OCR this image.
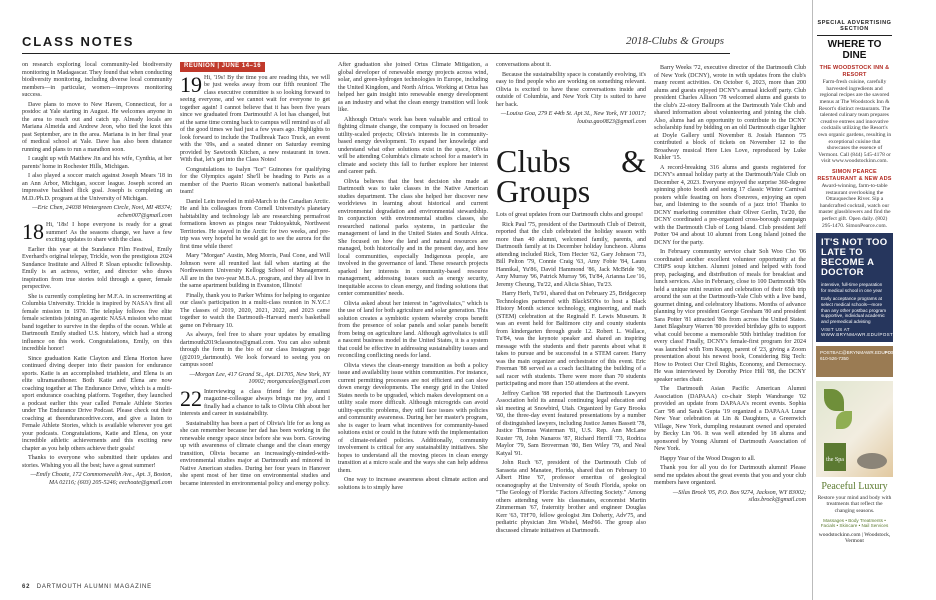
CLASS NOTES	2018-Clubs & Groups

on research exploring local community-led biodiversity monitoring in Madagascar. They found that when conducting biodiversity monitoring, including diverse local community members—in particular, women—improves monitoring success.

Dave plans to move to New Haven, Connecticut, for a postdoc at Yale starting in August. He welcomes anyone in the area to reach out and catch up. Already locals are Mariana Almeida and Andrew Jeon, who tied the knot this past September, are in the area. Mariana is in her final year of medical school at Yale. Dave has also been distance running and plans to run a marathon soon.

I caught up with Matthew Jin and his wife, Cynthia, at her parents' home in Rochester Hills, Michigan.

I also played a soccer match against Joseph Mears '18 in an Ann Arbor, Michigan, soccer league. Joseph scored an impressive backheel flick goal. Joseph is completing an M.D./Ph.D. program at the University of Michigan.

—Eric Chen, 24038 Wintergreen Circle, Novi, MI 48374; echen007@gmail.com

18 Hi, '18s! I hope everyone is ready for a great summer! As the seasons change, we have a few exciting updates to share with the class.

Earlier this year at the Sundance Film Festival, Emily Everhard's original telepay, Trickle, won the prestigious 2024 Sundance Institute and Alfred P. Sloan episodic fellowship. Emily is an actress, writer, and director who draws inspiration from true stories told through a queer, female perspective.

She is currently completing her M.F.A. in screenwriting at Columbia University. Trickle is inspired by NASA's first all female mission in 1970. The teleplay follows five elite female scientists joining an agentic NASA mission who must band together to survive in the depths of the ocean. While at Dartmouth Emily studied U.S. history, which had a strong influence on this work. Congratulations, Emily, on this incredible honor!

Since graduation Katie Clayton and Elena Horton have continued diving deeper into their passion for endurance sports. Katie is an accomplished triathlete, and Elena is an elite ultramarathoner. Both Katie and Elena are now coaching together at The Endurance Drive, which is a multi-sport endurance coaching platform. Together, they launched a podcast earlier this year called Female Athlete Stories under The Endurance Drive Podcast. Please check out their coaching at theendurancedrive.com, and give a listen to Female Athlete Stories, which is available wherever you get your podcasts. Congratulations, Katie and Elena, on your incredible athletic achievements and this exciting new chapter as you help others achieve their goals!

Thanks to everyone who submitted their updates and stories. Wishing you all the best; have a great summer!

—Emily Choate, 172 Commonwealth Ave., Apt. 3, Boston, MA 02116; (603) 205-5246; eechoate@gmail.com

REUNION | JUNE 14–16

19 Hi, '19s! By the time you are reading this, we will be just weeks away from our fifth reunion! The class executive committee is so looking forward to seeing everyone, and we cannot wait for everyone to get together again! I cannot believe that it has been five years since we graduated from Dartmouth! A lot has changed, but at the same time coming back to campus will remind us of all of the good times we had just a few years ago. Highlights to look forward to include the Trailbreak Taco Truck, an event with the '09s, and a seated dinner on Saturday evening provided by Sawtooth Kitchen, a new restaurant in town. With that, let's get into the Class Notes!

Congratulations to Isalyn "Ice" Guinones for qualifying for the Olympics again! She'll be heading to Paris as a member of the Puerto Rican women's national basketball team!

Daniel Lein traveled in mid-March to the Canadian Arctic. He and his colleagues from Cornell University's planetary habitability and technology lab are researching permafrost formations known as pingos near Tuktoyaktuk, Northwest Territories. He stayed in the Arctic for two weeks, and pre-trip was very hopeful he would get to see the aurora for the first time while there!

Mary "Morgan" Austin, Meg Morris, Paul Cone, and Will Johnson were all reunited last fall when starting at the Northwestern University Kellogg School of Management. All are in the two-year M.B.A. program, and they all live in the same apartment building in Evanston, Illinois!

Finally, thank you to Parker Whims for helping to organize our class's participation in a multi-class reunion in N.Y.C.! The classes of 2019, 2020, 2021, 2022, and 2023 came together to watch the Dartmouth–Harvard men's basketball game on February 10.

As always, feel free to share your updates by emailing dartmouth2019classnotes@gmail.com. You can also submit through the form in the bio of our class Instagram page (@2019_dartmouth). We look forward to seeing you on campus soon!

—Morgan Lee, 417 Grand St., Apt. D1705, New York, NY 10002; morgancalee@gmail.com

22 Interviewing a class friend for the alumni magazine-colleague always brings me joy, and I finally had a chance to talk to Olivia Ohh about her interests and career in sustainability.

Sustainability has been a part of Olivia's life for as long as she can remember because her dad has been working in the renewable energy space since before she was born. Growing up with awareness of climate change and the clean energy transition, Olivia became an increasingly-minded-with-environmental studies major at Dartmouth and minored in Native American studies. During her four years in Hanover she spent most of her time on environmental studies and became interested in environmental policy and energy policy.

After graduation she joined Ortus Climate Mitigation, a global developer of renewable energy projects across wind, solar, and green-hydrogen technologies in Europe, including the United Kingdom, and North Africa. Working at Ortus has helped her gain insight into renewable energy development as an industry and what the clean energy transition will look like.

Although Ortus's work has been valuable and critical to fighting climate change, the company is focused on broader utility-scaled projects; Olivia's interests lie in community-based energy development. To expand her knowledge and understand what other solutions exist in the space, Olivia will be attending Columbia's climate school for a master's in climate and society this fall to further explore her interest and career path.

Olivia believes that the best decision she made at Dartmouth was to take classes in the Native American studies department. The class she helped her discover new worldviews in learning about historical and current environmental degradation and environmental stewardship. In conjunction with environmental studies classes, she researched national parks systems, in particular the management of land in the United States and South Africa. She focused on how the land and natural resources are managed, both historically and in the present day, and how local communities, especially Indigenous people, are involved in the governance of land. These research projects sparked her interests in community-based resource management, addressing issues such as energy security, inequitable access to clean energy, and finding solutions that center communities' needs.

Olivia asked about her interest in "agrivoltaics," which is the use of land for both agriculture and solar generation. This solution creates a symbiotic system whereby crops benefit from the presence of solar panels and solar panels benefit from being on agriculture land. Although agrivoltaics is still a nascent business model in the United States, it is a system that could be effective in addressing sustainability issues and reconciling conflicting needs for land.

Olivia views the clean-energy transition as both a policy issue and availability issue within communities. For instance, current permitting processes are not efficient and can slow down energy developments. The energy grid in the United States needs to be upgraded, which makes development on a utility scale more difficult. Although microgrids can avoid utility-specific problems, they still face issues with policies and community awareness. During her her master's program, she is eager to learn what incentives for community-based solutions exist or could in the future with the implementation of climate-related policies. Additionally, community involvement is critical for any sustainability initiatives. She hopes to understand all the moving pieces in clean energy transition at a micro scale and the ways she can help address them.

One way to increase awareness about climate action and solutions is to simply have

conversations about it.

Because the sustainability space is constantly evolving, it's easy to find people who are working on something relevant. Olivia is excited to have these conversations inside and outside of Columbia, and New York City is suited to have her back.

—Louisa Goa, 279 E 44th St. Apt 3L, New York, NY 10017; louisa.gao0823@gmail.com

Clubs & Groups

Lots of great updates from our Dartmouth clubs and groups!

Rick Paul '75, president of the Dartmouth Club of Detroit, reported that the club celebrated the holiday season with more than 40 alumni, welcomed family, parents, and Dartmouth family at its December holiday luncheon. Alums attending included Rick, Tom Hecter '62, Gary Johnson '73, Bill Pelton '79, Connie Craig '63, Amy Fobie '84, Laura Hannikal, Yu'86, David Hammond '86, Jack McBride '90, Amy Murray '96, Patrick Murray '96, Tu'84, Arianna Lee '16, Jeremy Cheung, Tu'22, and Alicia Shiao, Tu'23.

Harry Herb, Tu'91, shared that on February 25, Bridgecorp Technologies partnered with BlackSONs to host a Black History Month science technology, engineering, and math (STEM) celebration at the Reginald F. Lewis Museum. It was an event held for Baltimore city and county students from kindergarten through grade 12. Robert L. Wallace, Tu'84, was the keynote speaker and shared an inspiring message with the students and their parents about what it takes to pursue and be successful in a STEM career. Harry was the main organizer and orchestrator of this event. Eric Freeman '88 served as a coach facilitating the building of a sail racer with students. There were more than 70 students participating and more than 150 attendees at the event.

Jeffrey Carlton '88 reported that the Dartmouth Lawyers Association held its annual continuing legal education and ski meeting at Snowbird, Utah. Organized by Gary Brooks '60, the three-day event featured presentations by a number of distinguished lawyers, including Justice James Bassett '78, Justice Thomas Waterman '81, U.S. Rep. Ann McLane Kuster '78, John Nanaros '87, Richard Herrill '73, Rodrica Maylor '79, Sam Broverman '80, Ben Wiley '79, and Neal Katyal '91.

John Ruch '67, president of the Dartmouth Club of Sarasota and Manatee, Florida, shared that on February 10 Albert Hine '67, professor emeritus of geological oceanography at the University of South Florida, spoke on "The Geology of Florida: Factors Affecting Society." Among others attending were his classmates, economist Martin Zimmerman '67, fraternity brother and engineer Douglas Kerr '63, TH'70, fellow geologist Jim Doherty, Adv'75, and pediatric physician Jim Wishel, Med'66. The group also discussed climate initiatives at Dartmouth.

Barry Weeks '72, executive director of the Dartmouth Club of New York (DCNY), wrote in with updates from the club's many recent activities. On October 6, 2023, more than 200 alums and guests enjoyed DCNY's annual kickoff party. Club president Charles Allison '78 welcomed alums and guests to the club's 22-story Ballroom at the Dartmouth Yale Club and shared information about volunteering and joining the club. Also, alums had an opportunity to contribute to the DCNY scholarship fund by bidding on an old Dartmouth cigar lighter at Doyle Gallery until November 8. Josiah Hannon '75 contributed a block of tickets on November 12 to the Broadway musical Here Lies Love, reproduced by Luke Kuhler '15.

A record-breaking 316 alums and guests registered for DCNY's annual holiday party at the Dartmouth/Yale Club on December 4, 2023. Everyone enjoyed the surprise 360-degree spinning photo booth and seeing 17 classic Winter Carnival posters while feasting on hors d'oeuvres, enjoying an open bar, and listening to the sounds of a jazz trio! Thanks to DCNY marketing committee chair Oliver Gerlin, Tu'20, the DCNY coordinated a pre-organized cross-borough campaign with the Dartmouth Club of Long Island. Club president Jeff Potter '04 and about 10 alumni from Long Island joined the DCNY for the party.

In February community service chair Soh Woo Cho '06 coordinated another excellent volunteer opportunity at the CHiPS soup kitchen. Alumni joined and helped with food prep, packaging, and distribution of meals for breakfast and lunch services. Also in February, close to 100 Dartmouth '80s held a unique mini reunion and celebration of their 65th trip around the sun at the Dartmouth-Yale Club with a live band, gourmet dining, and celebratory libations. Months of advance planning by vice president George Gresham '80 and president Sara Potter '81 attracted '80s from across the United States. Janet Blagsbury Warren '80 provided birthday gifts to support what could become a memorable 50th birthday tradition for every class! Finally, DCNY's female-first program for 2024 was launched with Tom Knapp, parent of '23, giving a Zoom presentation about his newest book, Considering Big Tech: How to Protect Our Civil Rights, Economy, and Democracy. He was interviewed by Dorothy Price Hill '88, the DCNY speaker series chair.

The Dartmouth Asian Pacific American Alumni Association (DAPAAA) co-chair Steph Wandrange '02 provided an update from DAPAAA's recent events. Sophia Carr '98 and Sarah Gupta '19 organized a DAPAAA Lunar New Year celebration at Lin & Daughters, a Greenwich Village, New York, dumpling restaurant owned and operated by Becky Lin '06. It was well attended by 18 alums and sponsored by Young Alumni of Dartmouth Association of New York.

Happy Year of the Wood Dragon to all.

Thank you for all you do for Dartmouth alumni! Please send me updates about the great events that you and your club members have organized.

—Silas Brock '05, P.O. Box 9274, Jackson, WY 83002; silas.brock@gmail.com

62 DARTMOUTH ALUMNI MAGAZINE
SPECIAL ADVERTISING SECTION
WHERE TO DINE
THE WOODSTOCK INN & RESORT
Farm-fresh cuisine, carefully harvested ingredients and regional recipes are the savored menus at The Woodstock Inn & Resort's distinct restaurants. The talented culinary team prepares creative entrees and innovative cocktails utilizing the Resort's own organic gardens, resulting in exceptional cuisine that showcases the essence of Vermont. Call (844) 545-4178 or visit www.woodstockinn.com.
SIMON PEARCE RESTAURANT & NEW ADS
Award-winning, farm-to-table restaurant overlooking the Ottauquechee River. Sip a handcrafted cocktail, watch our master glassblowers and find the perfect gift. Open daily. (802) 295-1470. SimonPearce.com.
IT'S NOT TOO LATE TO BECOME A DOCTOR
intensive, full-time preparation for medical school in one year
Early acceptance programs at select medical schools—more than any other postbac program supportive, individual academic and premedical advising
VISIT US AT WWW.BRYNMAWR.EDU/POSTBAC
POSTBAC@BRYNMAWR.EDU
610-526-7350
POSTBACCALAUREATE PREMEDICAL PROGRAM BRYN MAWR COLLEGE
the Spa
Peaceful Luxury
Restore your mind and body with treatments that reflect the changing seasons.
Massages • Body Treatments • Facials • Skincare • Nail Services
woodstockinn.com | Woodstock, Vermont
